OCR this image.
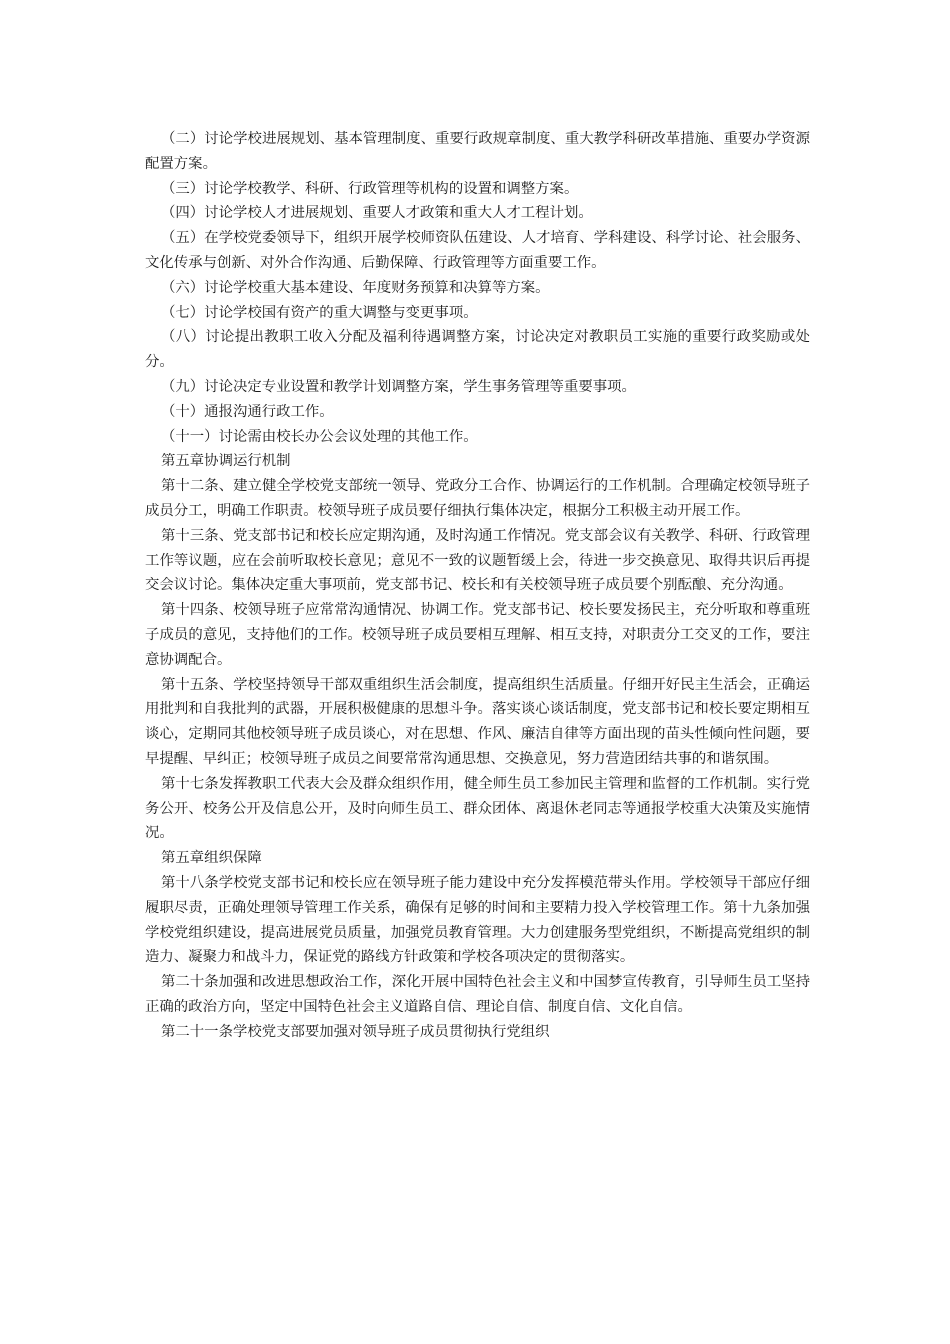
（二）讨论学校进展规划、基本管理制度、重要行政规章制度、重大教学科研改革措施、重要办学资源配置方案。

（三）讨论学校教学、科研、行政管理等机构的设置和调整方案。

（四）讨论学校人才进展规划、重要人才政策和重大人才工程计划。

（五）在学校党委领导下，组织开展学校师资队伍建设、人才培育、学科建设、科学讨论、社会服务、文化传承与创新、对外合作沟通、后勤保障、行政管理等方面重要工作。

（六）讨论学校重大基本建设、年度财务预算和决算等方案。

（七）讨论学校国有资产的重大调整与变更事项。

（八）讨论提出教职工收入分配及福利待遇调整方案，讨论决定对教职员工实施的重要行政奖励或处分。

（九）讨论决定专业设置和教学计划调整方案，学生事务管理等重要事项。

（十）通报沟通行政工作。

（十一）讨论需由校长办公会议处理的其他工作。

第五章协调运行机制

第十二条、建立健全学校党支部统一领导、党政分工合作、协调运行的工作机制。合理确定校领导班子成员分工，明确工作职责。校领导班子成员要仔细执行集体决定，根据分工积极主动开展工作。

第十三条、党支部书记和校长应定期沟通，及时沟通工作情况。党支部会议有关教学、科研、行政管理工作等议题，应在会前听取校长意见；意见不一致的议题暂缓上会，待进一步交换意见、取得共识后再提交会议讨论。集体决定重大事项前，党支部书记、校长和有关校领导班子成员要个别酝酿、充分沟通。

第十四条、校领导班子应常常沟通情况、协调工作。党支部书记、校长要发扬民主，充分听取和尊重班子成员的意见，支持他们的工作。校领导班子成员要相互理解、相互支持，对职责分工交叉的工作，要注意协调配合。

第十五条、学校坚持领导干部双重组织生活会制度，提高组织生活质量。仔细开好民主生活会，正确运用批判和自我批判的武器，开展积极健康的思想斗争。落实谈心谈话制度，党支部书记和校长要定期相互谈心，定期同其他校领导班子成员谈心，对在思想、作风、廉洁自律等方面出现的苗头性倾向性问题，要早提醒、早纠正；校领导班子成员之间要常常沟通思想、交换意见，努力营造团结共事的和谐氛围。

第十七条发挥教职工代表大会及群众组织作用，健全师生员工参加民主管理和监督的工作机制。实行党务公开、校务公开及信息公开，及时向师生员工、群众团体、离退休老同志等通报学校重大决策及实施情况。

第五章组织保障

第十八条学校党支部书记和校长应在领导班子能力建设中充分发挥模范带头作用。学校领导干部应仔细履职尽责，正确处理领导管理工作关系，确保有足够的时间和主要精力投入学校管理工作。第十九条加强学校党组织建设，提高进展党员质量，加强党员教育管理。大力创建服务型党组织，不断提高党组织的制造力、凝聚力和战斗力，保证党的路线方针政策和学校各项决定的贯彻落实。

第二十条加强和改进思想政治工作，深化开展中国特色社会主义和中国梦宣传教育，引导师生员工坚持正确的政治方向，坚定中国特色社会主义道路自信、理论自信、制度自信、文化自信。

第二十一条学校党支部要加强对领导班子成员贯彻执行党组织
